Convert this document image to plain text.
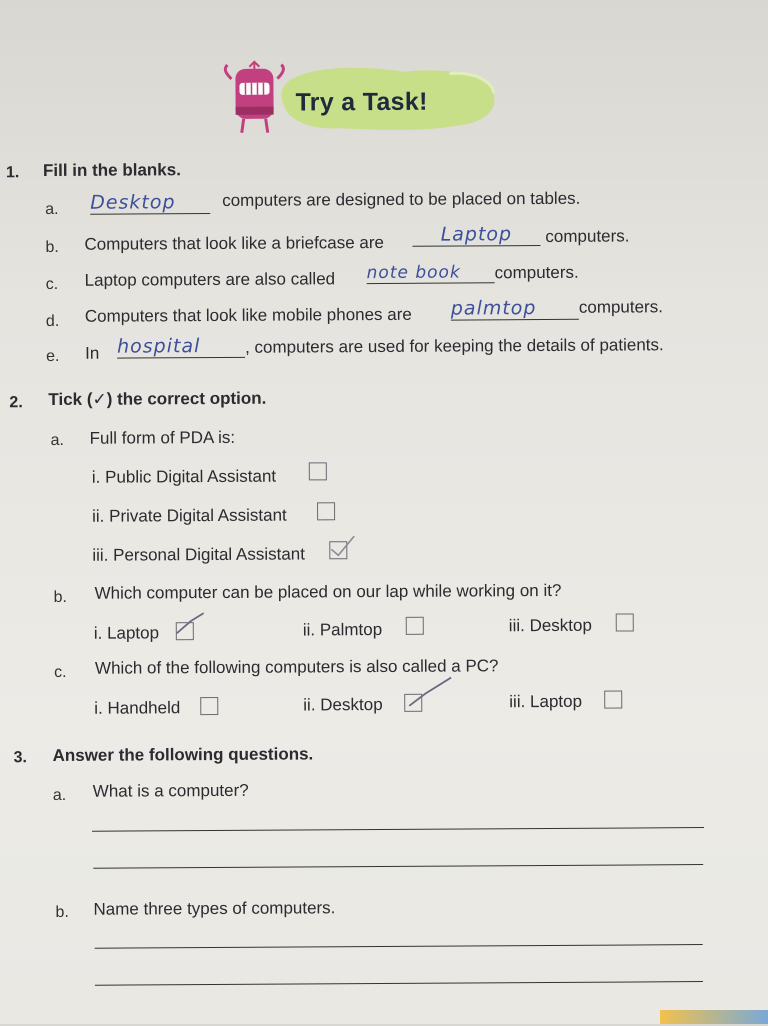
Try a Task!
1. Fill in the blanks.
a. Desktop	computers are designed to be placed on tables.
b. Computers that look like a briefcase are	Laptop	computers.
c. Laptop computers are also called note book	computers.
d. Computers that look like mobile phones are palmtop	computers.
e. In hospital	, computers are used for keeping the details of patients.
2. Tick (✓) the correct option.
a. Full form of PDA is:
i. Public Digital Assistant
ii. Private Digital Assistant
iii. Personal Digital Assistant
b. Which computer can be placed on our lap while working on it?
i. Laptop	ii. Palmtop	iii. Desktop
c. Which of the following computers is also called a PC?
i. Handheld	ii. Desktop	iii. Laptop
3. Answer the following questions.
a. What is a computer?
b. Name three types of computers.
